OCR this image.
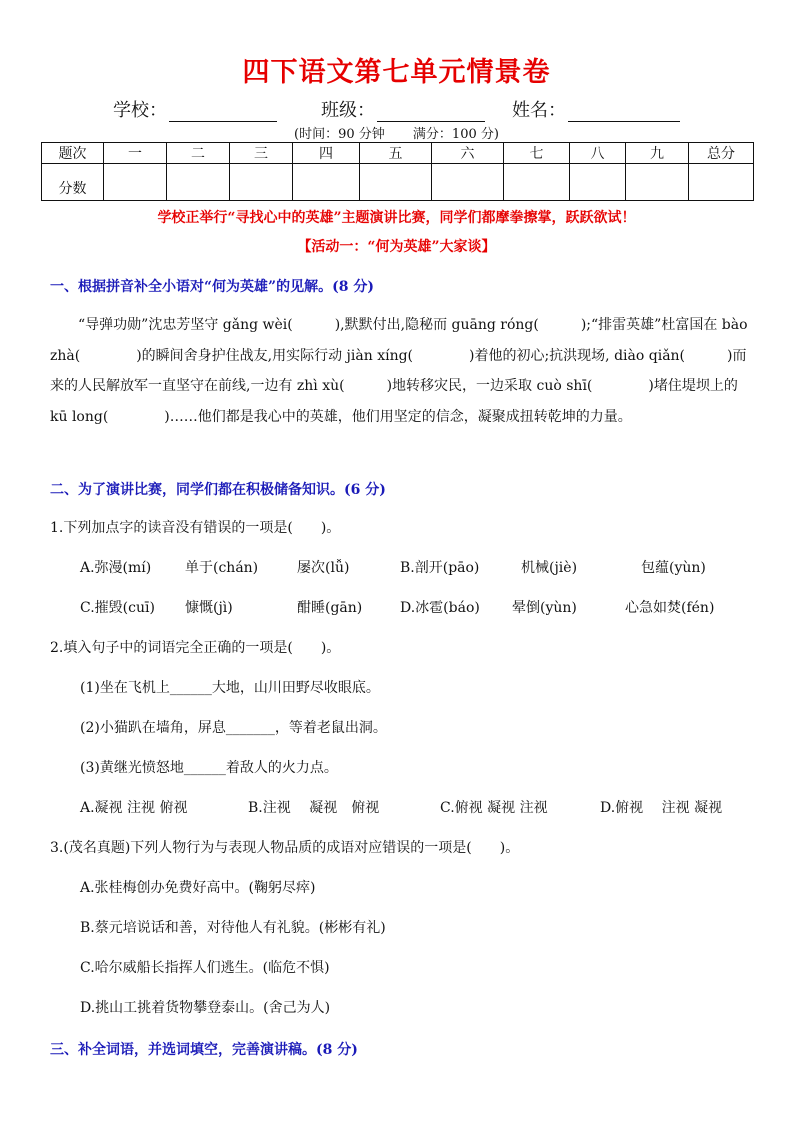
四下语文第七单元情景卷
学校：	班级：	姓名：
(时间：90 分钟 满分：100 分)
题次	一	二	三	四	五	六	七	八	九	总分
分数										
学校正举行“寻找心中的英雄”主题演讲比赛，同学们都摩拳擦掌，跃跃欲试！
【活动一：“何为英雄”大家谈】
一、根据拼音补全小语对“何为英雄”的见解。(8 分)
“导弹功勋”沈忠芳坚守 gǎng wèi(　　　),默默付出,隐秘而 guāng róng(　　　);“排雷英雄”杜富国在 bào zhà(　　　　)的瞬间舍身护住战友,用实际行动 jiàn xíng(　　　　)着他的初心;抗洪现场, diào qiǎn(　　　)而来的人民解放军一直坚守在前线,一边有 zhì xù(　　　)地转移灾民，一边采取 cuò shī(　　　　)堵住堤坝上的 kū long(　　　　)……他们都是我心中的英雄，他们用坚定的信念，凝聚成扭转乾坤的力量。
二、为了演讲比赛，同学们都在积极储备知识。(6 分)
1.下列加点字的读音没有错误的一项是(　　)。
A.弥漫(mí) 单于(chán)	屡次(lǚ)	B.剖开(pāo)	机械(jiè)	包蕴(yùn)
C.摧毁(cuī) 慷慨(jì)	酣睡(gān)	D.冰雹(báo) 晕倒(yùn)	心急如焚(fén)
2.填入句子中的词语完全正确的一项是(　　)。
(1)坐在飞机上______大地，山川田野尽收眼底。
(2)小猫趴在墙角，屏息_______，等着老鼠出洞。
(3)黄继光愤怒地______着敌人的火力点。
A.凝视 注视 俯视	B.注视　 凝视　俯视	C.俯视 凝视 注视	D.俯视　 注视 凝视
3.(茂名真题)下列人物行为与表现人物品质的成语对应错误的一项是(　　)。
A.张桂梅创办免费好高中。(鞠躬尽瘁)
B.蔡元培说话和善，对待他人有礼貌。(彬彬有礼)
C.哈尔威船长指挥人们逃生。(临危不惧)
D.挑山工挑着货物攀登泰山。(舍己为人)
三、补全词语，并选词填空，完善演讲稿。(8 分)
